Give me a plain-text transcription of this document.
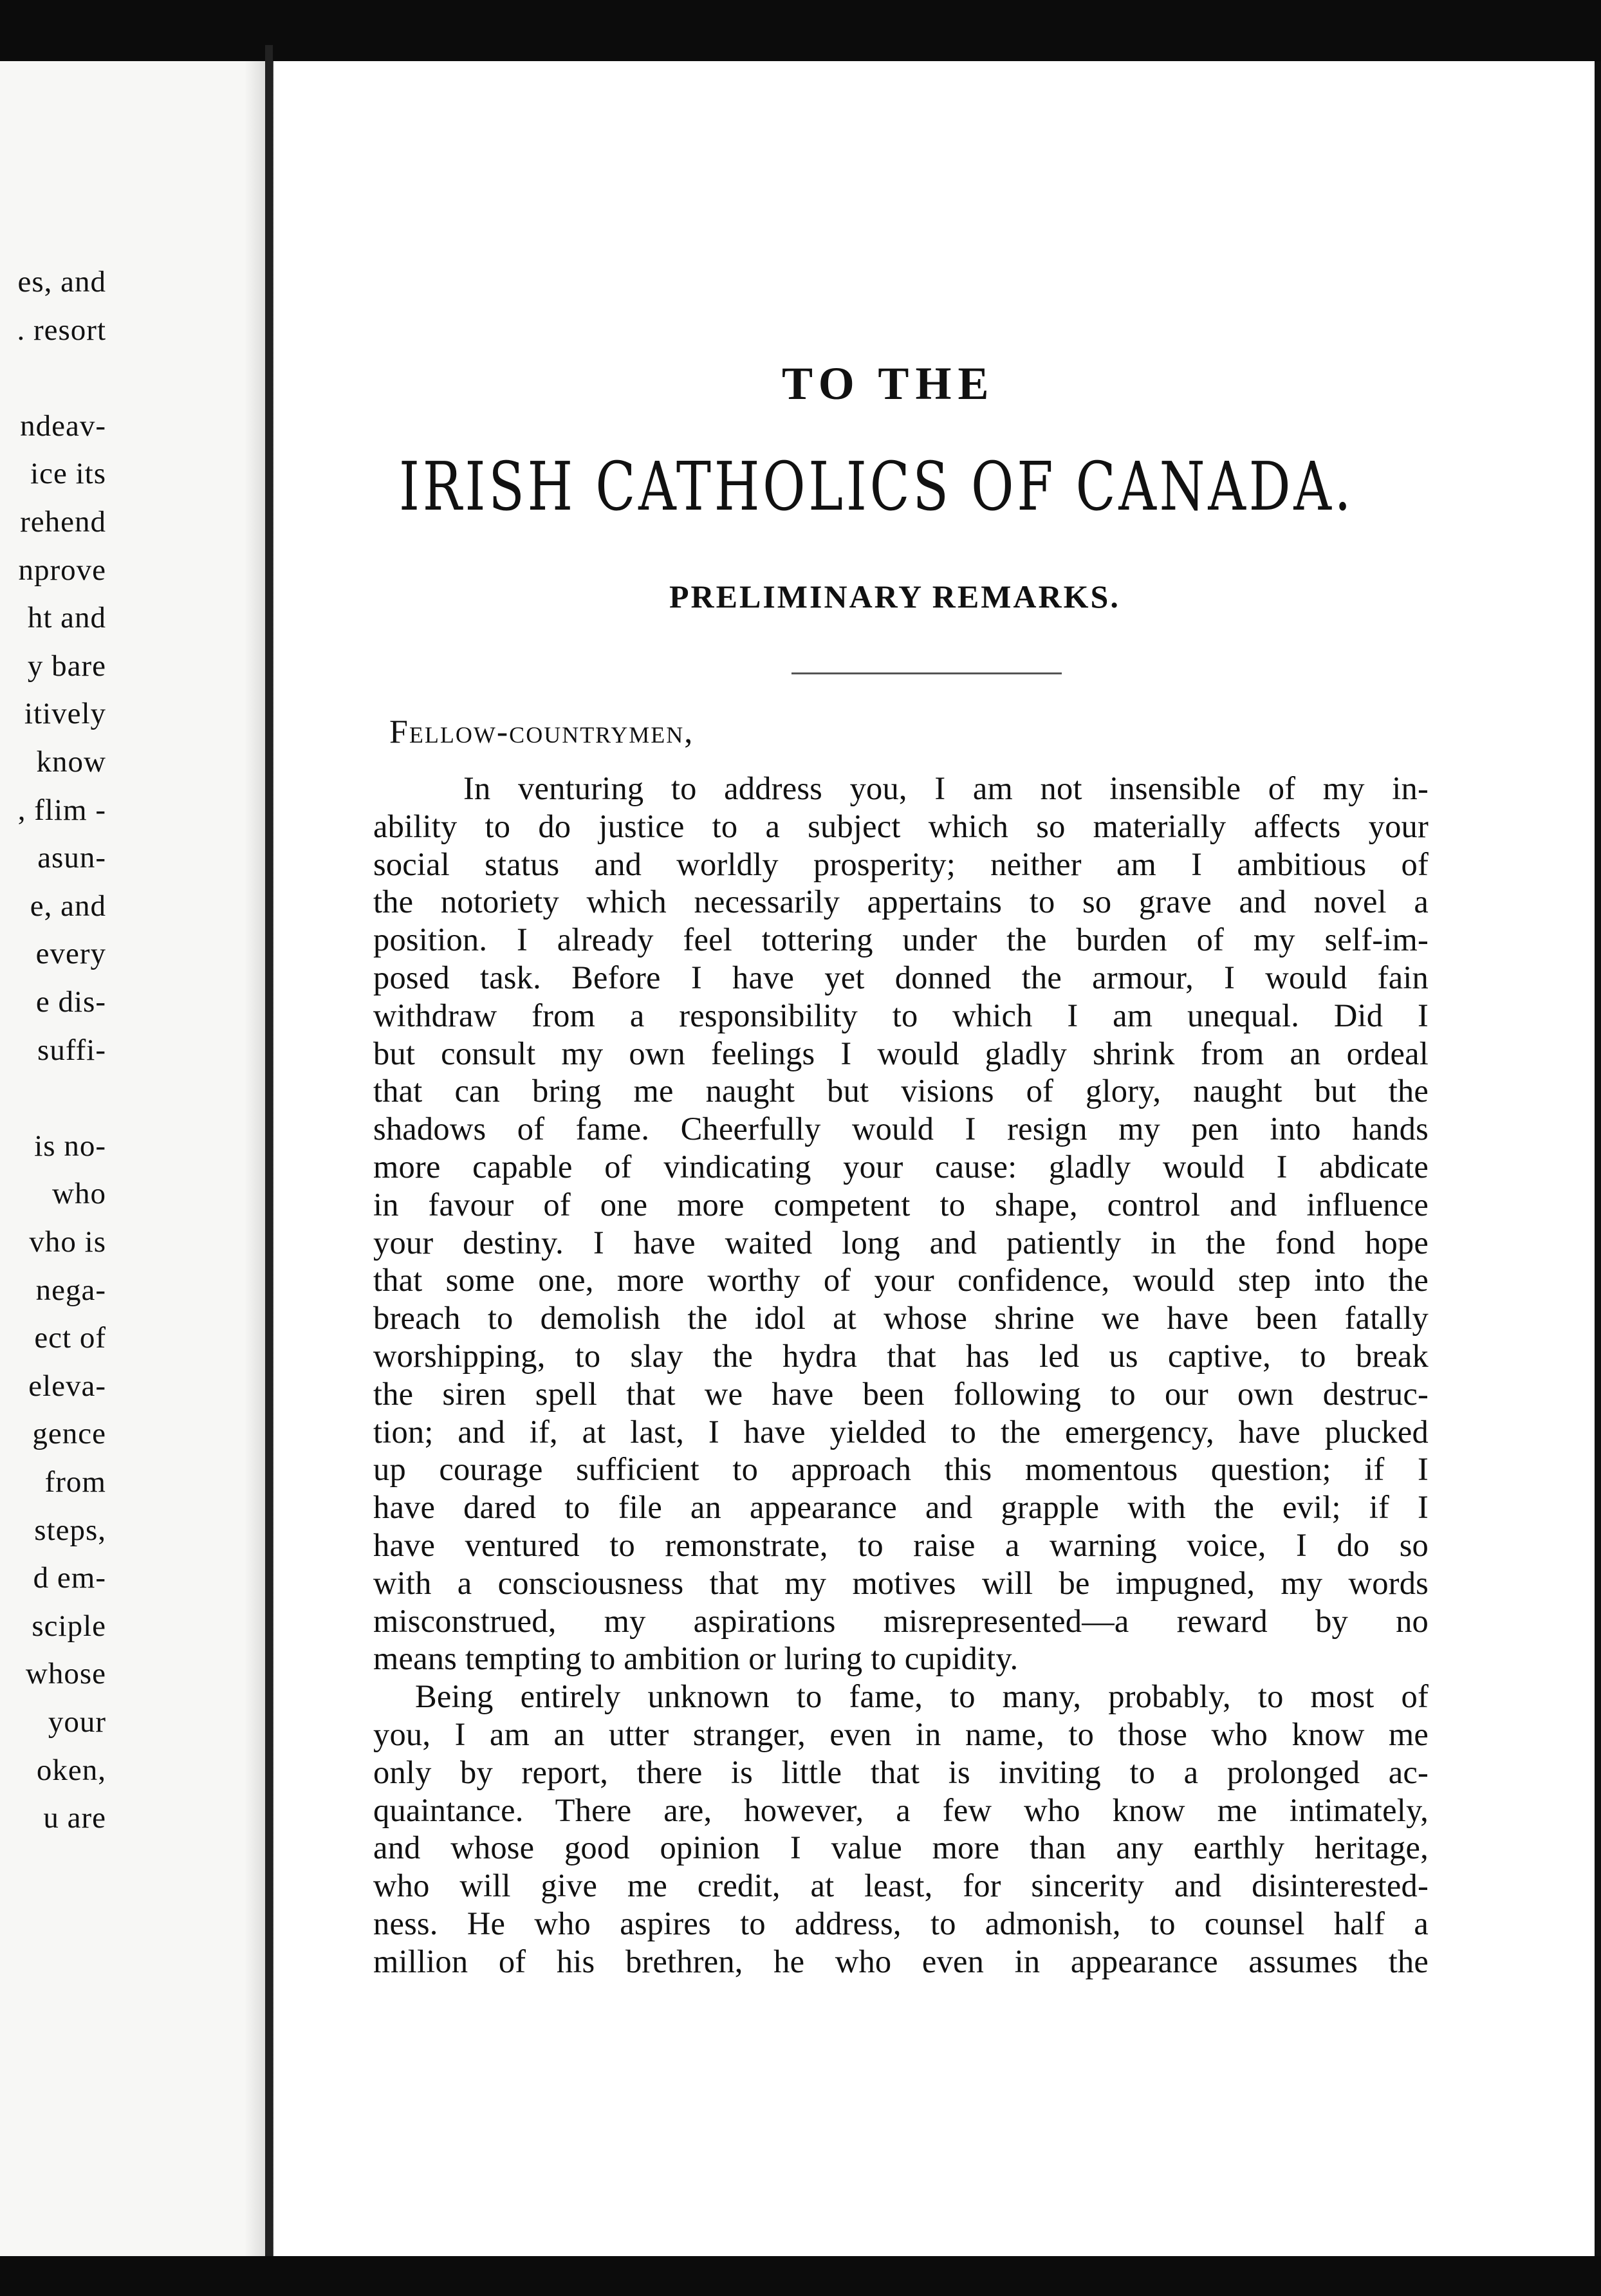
es, and
. resort
ndeav-
ice its
rehend
nprove
ht and
y bare
itively
know
, flim -
asun-
e, and
every
e dis-
suffi-
is no-
who
vho is
nega-
ect of
eleva-
gence
from
steps,
d em-
sciple
whose
your
oken,
u are
TO THE
IRISH CATHOLICS OF CANADA.
PRELIMINARY REMARKS.
Fellow-countrymen,
In venturing to address you, I am not insensible of my in-
ability to do justice to a subject which so materially affects your
social status and worldly prosperity; neither am I ambitious of
the notoriety which necessarily appertains to so grave and novel a
position. I already feel tottering under the burden of my self-im-
posed task. Before I have yet donned the armour, I would fain
withdraw from a responsibility to which I am unequal. Did I
but consult my own feelings I would gladly shrink from an ordeal
that can bring me naught but visions of glory, naught but the
shadows of fame. Cheerfully would I resign my pen into hands
more capable of vindicating your cause: gladly would I abdicate
in favour of one more competent to shape, control and influence
your destiny. I have waited long and patiently in the fond hope
that some one, more worthy of your confidence, would step into the
breach to demolish the idol at whose shrine we have been fatally
worshipping, to slay the hydra that has led us captive, to break
the siren spell that we have been following to our own destruc-
tion; and if, at last, I have yielded to the emergency, have plucked
up courage sufficient to approach this momentous question; if I
have dared to file an appearance and grapple with the evil; if I
have ventured to remonstrate, to raise a warning voice, I do so
with a consciousness that my motives will be impugned, my words
misconstrued, my aspirations misrepresented—a reward by no
means tempting to ambition or luring to cupidity.
Being entirely unknown to fame, to many, probably, to most of
you, I am an utter stranger, even in name, to those who know me
only by report, there is little that is inviting to a prolonged ac-
quaintance. There are, however, a few who know me intimately,
and whose good opinion I value more than any earthly heritage,
who will give me credit, at least, for sincerity and disinterested-
ness. He who aspires to address, to admonish, to counsel half a
million of his brethren, he who even in appearance assumes the
